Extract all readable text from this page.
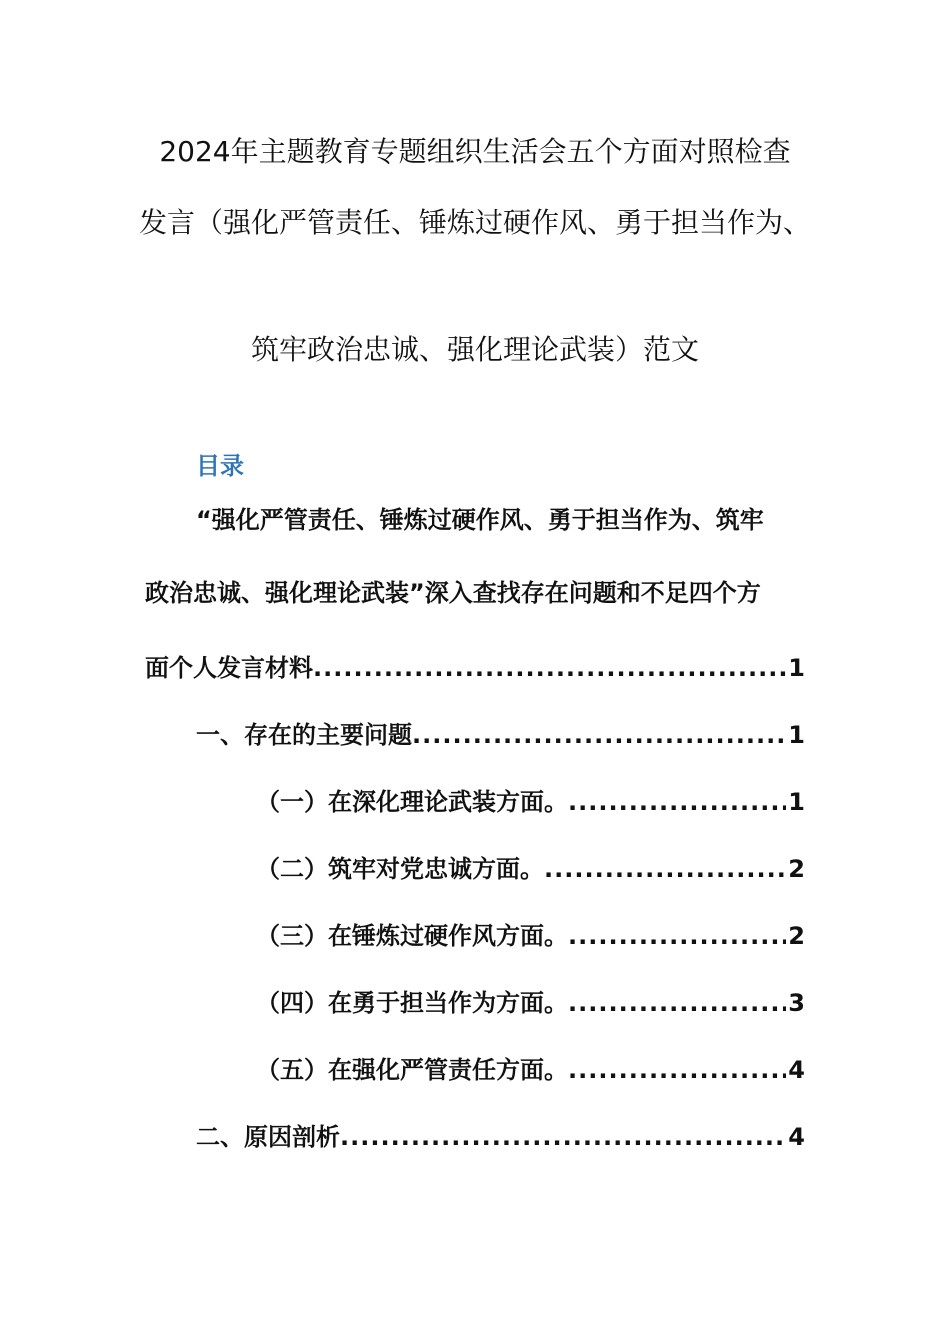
2024年主题教育专题组织生活会五个方面对照检查
发言（强化严管责任、锤炼过硬作风、勇于担当作为、
筑牢政治忠诚、强化理论武装）范文
目录
“强化严管责任、锤炼过硬作风、勇于担当作为、筑牢
政治忠诚、强化理论武装”深入查找存在问题和不足四个方
面个人发言材料 .....	1
一、存在的主要问题 .....	1
（一）在深化理论武装方面。 .....	1
（二）筑牢对党忠诚方面。 .....	2
（三）在锤炼过硬作风方面。 .....	2
（四）在勇于担当作为方面。 .....	3
（五）在强化严管责任方面。 .....	4
二、原因剖析 .....	4
